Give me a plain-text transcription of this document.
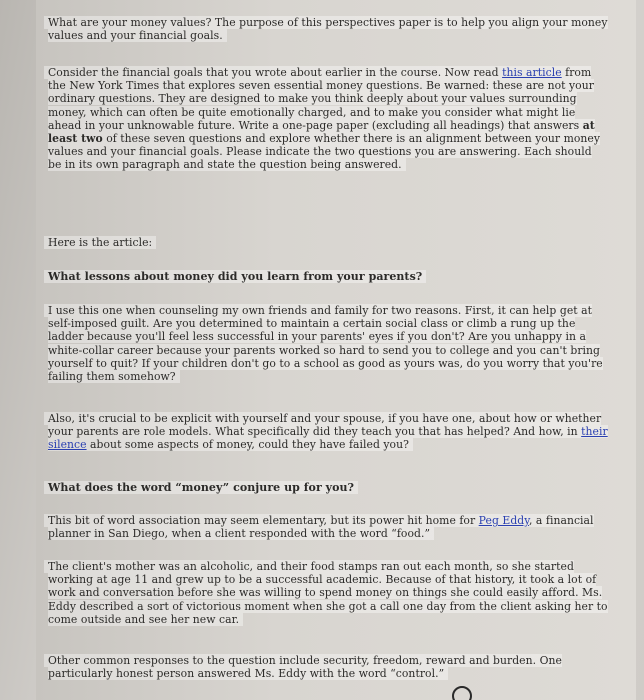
What are your money values? The purpose of this perspectives paper is to help you align your money values and your financial goals.
Consider the financial goals that you wrote about earlier in the course. Now read this article from the New York Times that explores seven essential money questions. Be warned: these are not your ordinary questions. They are designed to make you think deeply about your values surrounding money, which can often be quite emotionally charged, and to make you consider what might lie ahead in your unknowable future. Write a one-page paper (excluding all headings) that answers at least two of these seven questions and explore whether there is an alignment between your money values and your financial goals. Please indicate the two questions you are answering. Each should be in its own paragraph and state the question being answered.
Here is the article:
What lessons about money did you learn from your parents?
I use this one when counseling my own friends and family for two reasons. First, it can help get at self-imposed guilt. Are you determined to maintain a certain social class or climb a rung up the ladder because you'll feel less successful in your parents' eyes if you don't? Are you unhappy in a white-collar career because your parents worked so hard to send you to college and you can't bring yourself to quit? If your children don't go to a school as good as yours was, do you worry that you're failing them somehow?
Also, it's crucial to be explicit with yourself and your spouse, if you have one, about how or whether your parents are role models. What specifically did they teach you that has helped? And how, in their silence about some aspects of money, could they have failed you?
What does the word “money” conjure up for you?
This bit of word association may seem elementary, but its power hit home for Peg Eddy, a financial planner in San Diego, when a client responded with the word “food.”
The client's mother was an alcoholic, and their food stamps ran out each month, so she started working at age 11 and grew up to be a successful academic. Because of that history, it took a lot of work and conversation before she was willing to spend money on things she could easily afford. Ms. Eddy described a sort of victorious moment when she got a call one day from the client asking her to come outside and see her new car.
Other common responses to the question include security, freedom, reward and burden. One particularly honest person answered Ms. Eddy with the word “control.”
